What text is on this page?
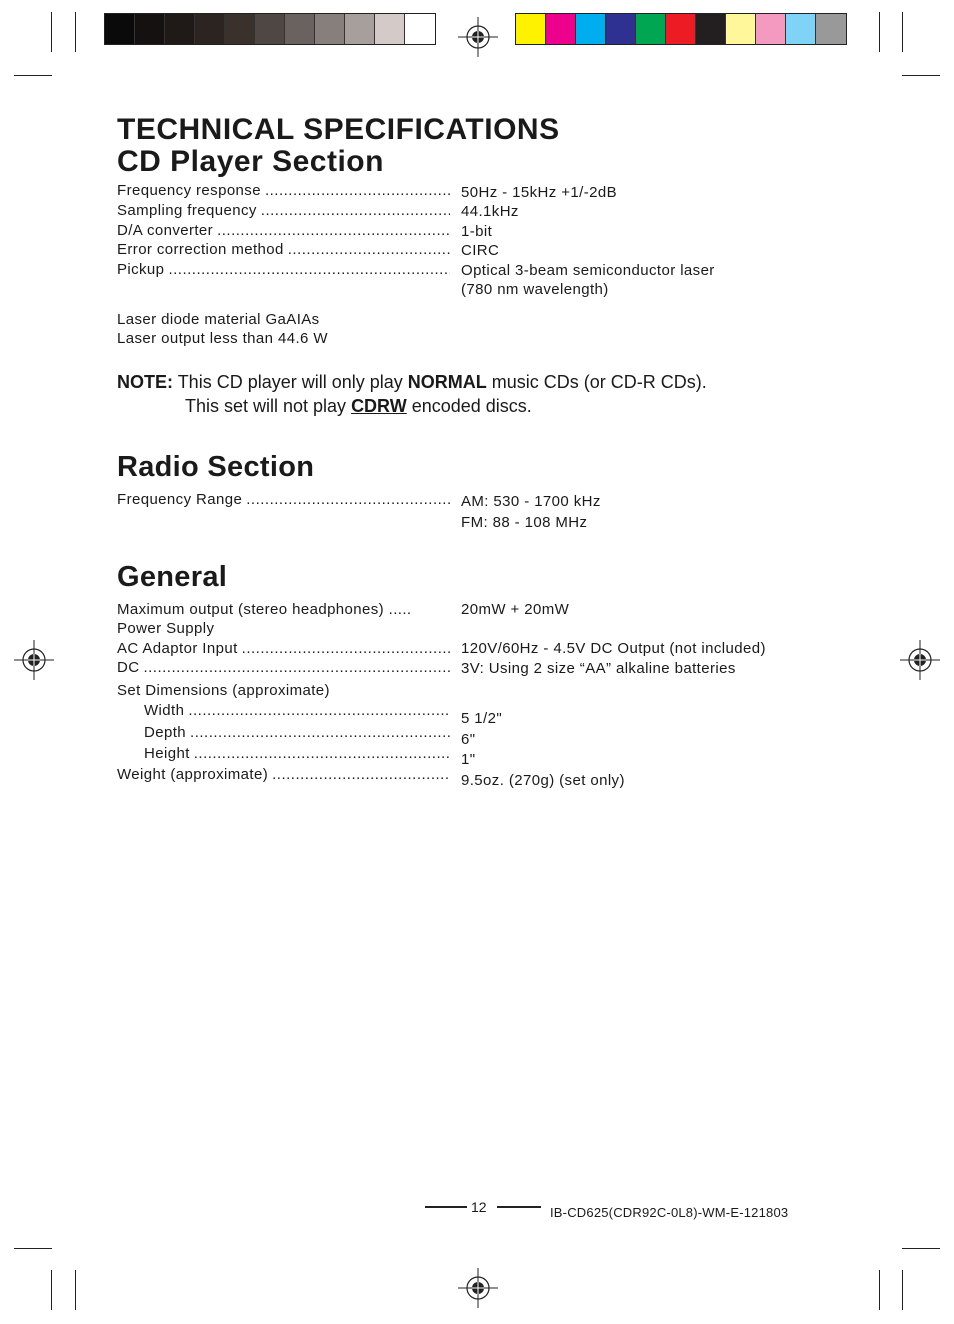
TECHNICAL SPECIFICATIONS
CD Player Section
Frequency response .....	50Hz - 15kHz +1/-2dB
Sampling frequency .....	44.1kHz
D/A converter .....	1-bit
Error correction method .....	CIRC
Pickup .....	Optical 3-beam semiconductor laser
(780 nm wavelength)
Laser diode material GaAIAs
Laser output less than 44.6 W
NOTE: This CD player will only play NORMAL music CDs (or CD-R CDs).
This set will not play CDRW encoded discs.
Radio Section
Frequency Range .....	AM: 530 - 1700 kHz
FM: 88 - 108 MHz
General
Maximum output (stereo headphones) .....	20mW + 20mW
Power Supply
AC Adaptor Input .....	120V/60Hz - 4.5V DC Output (not included)
DC .....	3V: Using 2 size “AA” alkaline batteries
Set Dimensions (approximate)
Width .....	5 1/2"
Depth .....	6"
Height .....	1"
Weight (approximate) .....	9.5oz. (270g) (set only)
12	IB-CD625(CDR92C-0L8)-WM-E-121803
